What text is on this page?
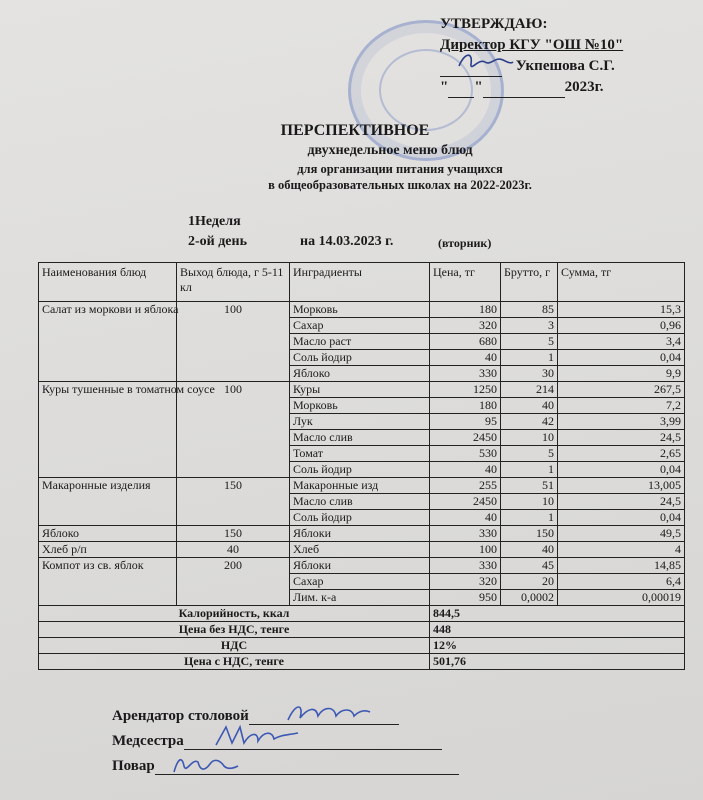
УТВЕРЖДАЮ:
Директор КГУ "ОШ №10"
Укпешова С.Г.
" "	2023г.
ПЕРСПЕКТИВНОЕ
двухнедельное меню блюд
для организации питания учащихся
в общеобразовательных школах на 2022-2023г.
1Неделя
2-ой день	на 14.03.2023 г.	(вторник)
Наименования блюд	Выход блюда, г 5-11 кл	Инградиенты	Цена, тг	Брутто, г	Сумма, тг
Салат из моркови и яблока	100	Морковь	180	85	15,3
		Сахар	320	3	0,96
		Масло раст	680	5	3,4
		Соль йодир	40	1	0,04
		Яблоко	330	30	9,9
Куры тушенные в томатном соусе	100	Куры	1250	214	267,5
		Морковь	180	40	7,2
		Лук	95	42	3,99
		Масло слив	2450	10	24,5
		Томат	530	5	2,65
		Соль йодир	40	1	0,04
Макаронные изделия	150	Макаронные изд	255	51	13,005
		Масло слив	2450	10	24,5
		Соль йодир	40	1	0,04
Яблоко	150	Яблоки	330	150	49,5
Хлеб р/п	40	Хлеб	100	40	4
Компот из св. яблок	200	Яблоки	330	45	14,85
		Сахар	320	20	6,4
		Лим. к-а	950	0,0002	0,00019
Калорийность, ккал			844,5		
Цена без НДС, тенге			448		
НДС			12%		
Цена с НДС, тенге			501,76		
Арендатор столовой
Медсестра
Повар
